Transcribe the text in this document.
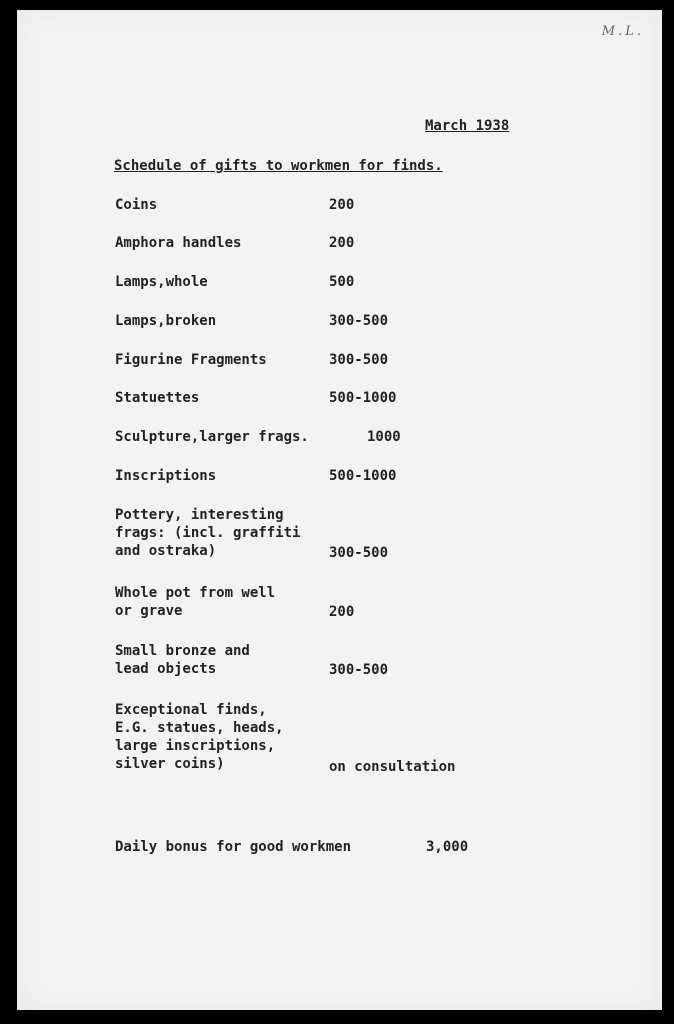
M.L.
March 1938
Schedule of gifts to workmen for finds.
Coins	200
Amphora handles	200
Lamps,whole	500
Lamps,broken	300-500
Figurine Fragments	300-500
Statuettes	500-1000
Sculpture,larger frags.	1000
Inscriptions	500-1000
Pottery, interesting
frags: (incl. graffiti
and ostraka)	300-500
Whole pot from well
or grave	200
Small bronze and
lead objects	300-500
Exceptional finds,
E.G. statues, heads,
large inscriptions,
silver coins)	on consultation
Daily bonus for good workmen	3,000
